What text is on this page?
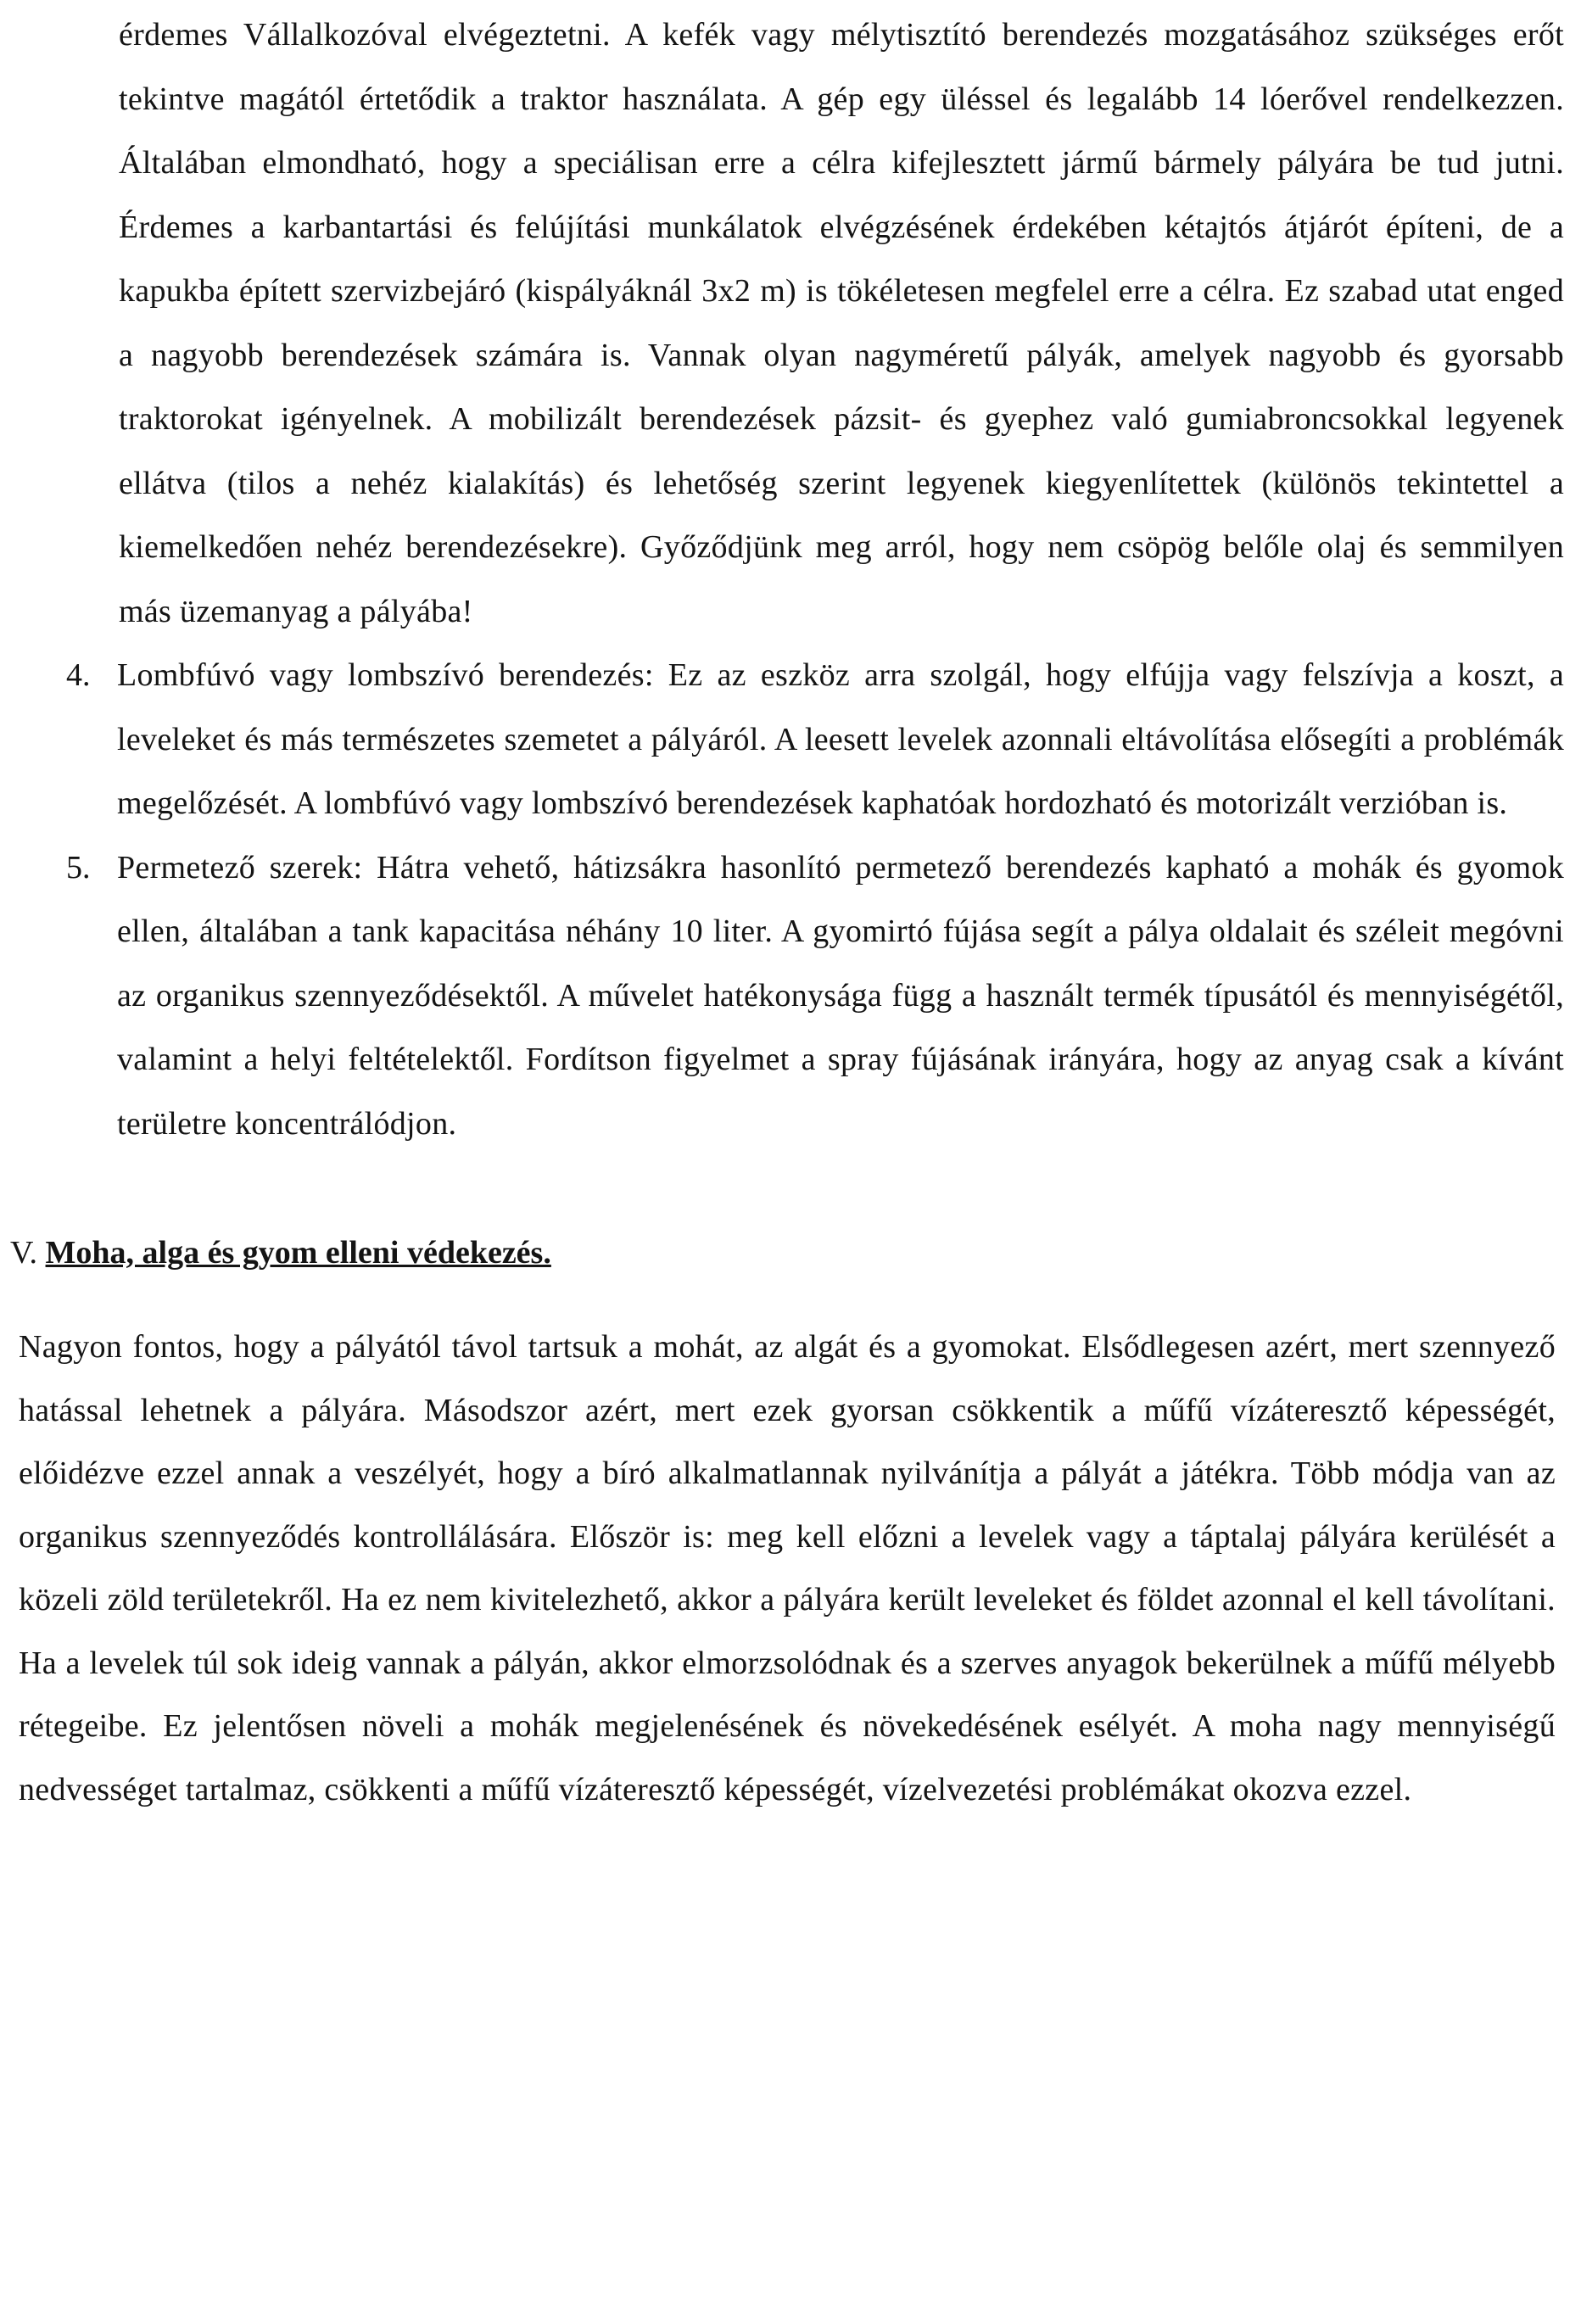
érdemes Vállalkozóval elvégeztetni. A kefék vagy mélytisztító berendezés mozgatásához szükséges erőt tekintve magától értetődik a traktor használata. A gép egy üléssel és legalább 14 lóerővel rendelkezzen. Általában elmondható, hogy a speciálisan erre a célra kifejlesztett jármű bármely pályára be tud jutni. Érdemes a karbantartási és felújítási munkálatok elvégzésének érdekében kétajtós átjárót építeni, de a kapukba épített szervizbejáró (kispályáknál 3x2 m) is tökéletesen megfelel erre a célra. Ez szabad utat enged a nagyobb berendezések számára is. Vannak olyan nagyméretű pályák, amelyek nagyobb és gyorsabb traktorokat igényelnek. A mobilizált berendezések pázsit- és gyephez való gumiabroncsokkal legyenek ellátva (tilos a nehéz kialakítás) és lehetőség szerint legyenek kiegyenlítettek (különös tekintettel a kiemelkedően nehéz berendezésekre). Győződjünk meg arról, hogy nem csöpög belőle olaj és semmilyen más üzemanyag a pályába!

4. Lombfúvó vagy lombszívó berendezés: Ez az eszköz arra szolgál, hogy elfújja vagy felszívja a koszt, a leveleket és más természetes szemetet a pályáról. A leesett levelek azonnali eltávolítása elősegíti a problémák megelőzését. A lombfúvó vagy lombszívó berendezések kaphatóak hordozható és motorizált verzióban is.

5. Permetező szerek: Hátra vehető, hátizsákra hasonlító permetező berendezés kapható a mohák és gyomok ellen, általában a tank kapacitása néhány 10 liter. A gyomirtó fújása segít a pálya oldalait és széleit megóvni az organikus szennyeződésektől. A művelet hatékonysága függ a használt termék típusától és mennyiségétől, valamint a helyi feltételektől. Fordítson figyelmet a spray fújásának irányára, hogy az anyag csak a kívánt területre koncentrálódjon.

V. Moha, alga és gyom elleni védekezés.

Nagyon fontos, hogy a pályától távol tartsuk a mohát, az algát és a gyomokat. Elsődlegesen azért, mert szennyező hatással lehetnek a pályára. Másodszor azért, mert ezek gyorsan csökkentik a műfű vízáteresztő képességét, előidézve ezzel annak a veszélyét, hogy a bíró alkalmatlannak nyilvánítja a pályát a játékra. Több módja van az organikus szennyeződés kontrollálására. Először is: meg kell előzni a levelek vagy a táptalaj pályára kerülését a közeli zöld területekről. Ha ez nem kivitelezhető, akkor a pályára került leveleket és földet azonnal el kell távolítani. Ha a levelek túl sok ideig vannak a pályán, akkor elmorzsolódnak és a szerves anyagok bekerülnek a műfű mélyebb rétegeibe. Ez jelentősen növeli a mohák megjelenésének és növekedésének esélyét. A moha nagy mennyiségű nedvességet tartalmaz, csökkenti a műfű vízáteresztő képességét, vízelvezetési problémákat okozva ezzel.
